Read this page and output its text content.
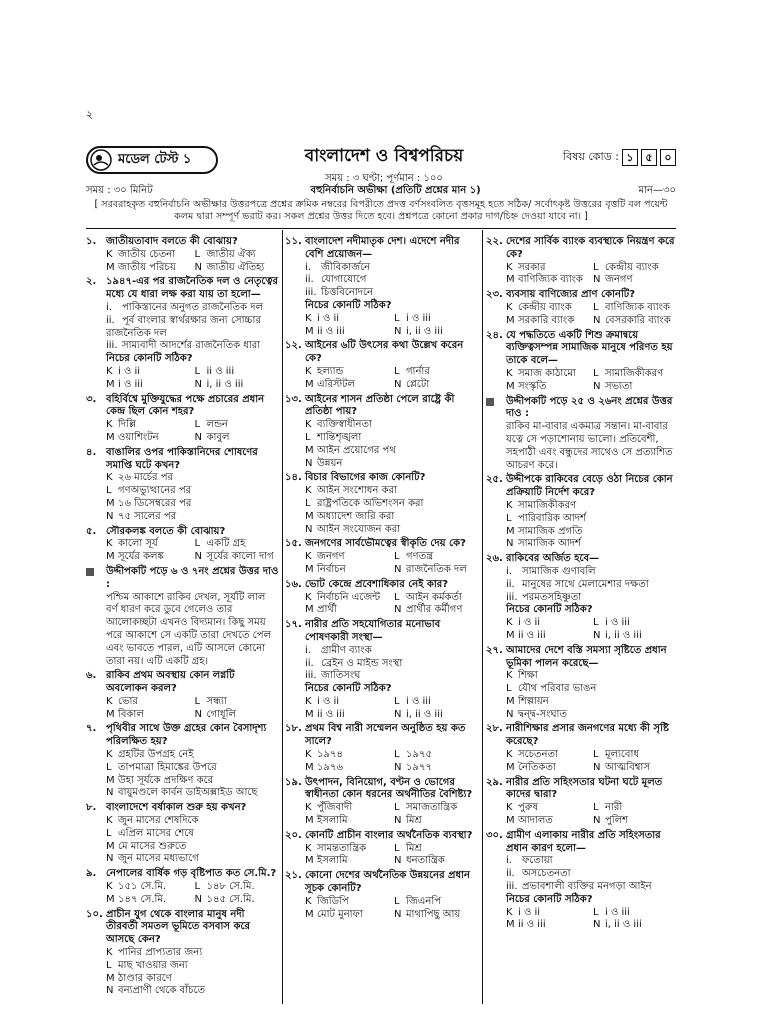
২
মডেল টেস্ট ১	বাংলাদেশ ও বিশ্বপরিচয়	বিষয় কোড : ১	৫	০
সময় : ৩ ঘণ্টা; পূর্ণমান : ১০০
সময় : ৩০ মিনিট	বহুনির্বাচনি অভীক্ষা (প্রতিটি প্রশ্নের মান ১)	মান—৩০
[ সরবরাহকৃত বহুনির্বাচনি অভীক্ষার উত্তরপত্রে প্রশ্নের ক্রমিক নম্বরের বিপরীতে প্রদত্ত বর্ণসংবলিত বৃত্তসমূহ হতে সঠিক/ সর্বোৎকৃষ্ট উত্তরের বৃত্তটি বল পয়েন্ট কলম দ্বারা সম্পূর্ণ ভরাট কর। সকল প্রশ্নের উত্তর দিতে হবে। প্রশ্নপত্রে কোনো প্রকার দাগ/চিহ্ন দেওয়া যাবে না। ]
১. জাতীয়তাবাদ বলতে কী বোঝায়?
K জাতীয় চেতনা	L জাতীয় ঐক্য
M জাতীয় পরিচয়	N জাতীয় ঐতিহ্য
২. ১৯৪৭-এর পর রাজনৈতিক দল ও নেতৃত্বের মধ্যে যে ধারা লক্ষ করা যায় তা হলো—
i. পাকিস্তানের অনুগত রাজনৈতিক দল
ii. পূর্ব বাংলার স্বার্থরক্ষার জন্য সোচ্চার রাজনৈতিক দল
iii. সাম্যবাদী আদর্শের রাজনৈতিক ধারা
নিচের কোনটি সঠিক?
K i ও ii	L ii ও iii
M i ও iii	N i, ii ও iii
৩. বহির্বিশ্বে মুক্তিযুদ্ধের পক্ষে প্রচারের প্রধান কেন্দ্র ছিল কোন শহর?
K দিল্লি	L লন্ডন
M ওয়াশিংটন	N কাবুল
৪. বাঙালির ওপর পাকিস্তানিদের শোষণের সমাপ্তি ঘটে কখন?
K ২৬ মার্চের পর
L গণঅভ্যুত্থানের পর
M ১৬ ডিসেম্বরের পর
N ৭৫ সালের পর
৫. সৌরকলঙ্ক বলতে কী বোঝায়?
K কালো সূর্য	L একটি গ্রহ
M সূর্যের কলঙ্ক	N সূর্যের কালো দাগ
উদ্দীপকটি পড়ে ৬ ও ৭নং প্রশ্নের উত্তর দাও :
পশ্চিম আকাশে রাকিব দেখল, সূর্যটি লাল বর্ণ ধারণ করে ডুবে গেলেও তার আলোকচ্ছটা এখনও বিদ্যমান। কিছু সময় পরে আকাশে সে একটি তারা দেখতে পেল এবং ভাবতে পারল, এটি আসলে কোনো তারা নয়। এটি একটি গ্রহ।
৬. রাকিব প্রথম অবস্থায় কোন লগ্নটি অবলোকন করল?
K ভোর	L সন্ধ্যা
M বিকাল	N গোধূলি
৭. পৃথিবীর সাথে উক্ত গ্রহের কোন বৈসাদৃশ্য পরিলক্ষিত হয়?
K গ্রহটির উপগ্রহ নেই
L তাপমাত্রা হিমাঙ্কের উপরে
M উহা সূর্যকে প্রদক্ষিণ করে
N বায়ুমণ্ডলে কার্বন ডাইঅক্সাইড আছে
৮. বাংলাদেশে বর্ষাকাল শুরু হয় কখন?
K জুন মাসের শেষদিকে
L এপ্রিল মাসের শেষে
M মে মাসের শুরুতে
N জুন মাসের মধ্যভাগে
৯. নেপালের বার্ষিক গড় বৃষ্টিপাত কত সে.মি.?
K ১৫১ সে.মি.	L ১৪৮ সে.মি.
M ১৪৭ সে.মি.	N ১৪৫ সে.মি.
১০. প্রাচীন যুগ থেকে বাংলার মানুষ নদী তীরবর্তী সমতল ভূমিতে বসবাস করে আসছে কেন?
K পানির প্রাপ্যতার জন্য
L মাছ খাওয়ার জন্য
M ঠাণ্ডার কারণে
N বন্যপ্রাণী থেকে বাঁচতে
১১. বাংলাদেশ নদীমাতৃক দেশ। এদেশে নদীর বেশি প্রয়োজন—
i. জীবিকার্জনে
ii. যোগাযোগে
iii. চিত্তবিনোদনে
নিচের কোনটি সঠিক?
K i ও ii	L i ও iii
M ii ও iii	N i, ii ও iii
১২. আইনের ৬টি উৎসের কথা উল্লেখ করেন কে?
K হল্যান্ড	L গার্নার
M এরিস্টটল	N প্লেটো
১৩. আইনের শাসন প্রতিষ্ঠা পেলে রাষ্ট্রে কী প্রতিষ্ঠা পায়?
K ব্যক্তিস্বাধীনতা
L শান্তিশৃঙ্খলা
M আইন প্রয়োগের পথ
N উন্নয়ন
১৪. বিচার বিভাগের কাজ কোনটি?
K আইন সংশোধন করা
L রাষ্ট্রপতিকে অভিশংসন করা
M অধ্যাদেশ জারি করা
N আইন সংযোজন করা
১৫. জনগণের সার্বভৌমত্বের স্বীকৃতি দেয় কে?
K জনগণ	L গণতন্ত্র
M নির্বাচন	N রাজনৈতিক দল
১৬. ভোট কেন্দ্রে প্রবেশাধিকার নেই কার?
K নির্বাচনি এজেন্ট	L আইন কর্মকর্তা
M প্রার্থী	N প্রার্থীর কর্মীগণ
১৭. নারীর প্রতি সহযোগিতার মনোভাব পোষণকারী সংস্থা—
i. গ্রামীণ ব্যাংক
ii. ব্রেইন ও মাইন্ড সংস্থা
iii. জাতিসংঘ
নিচের কোনটি সঠিক?
K i ও ii	L i ও iii
M ii ও iii	N i, ii ও iii
১৮. প্রথম বিশ্ব নারী সম্মেলন অনুষ্ঠিত হয় কত সালে?
K ১৯৭৪	L ১৯৭৫
M ১৯৭৬	N ১৯৭৭
১৯. উৎপাদন, বিনিয়োগ, বণ্টন ও ভোগের স্বাধীনতা কোন ধরনের অর্থনীতির বৈশিষ্ট্য?
K পুঁজিবাদী	L সমাজতান্ত্রিক
M ইসলামি	N মিশ্র
২০. কোনটি প্রাচীন বাংলার অর্থনৈতিক ব্যবস্থা?
K সামন্ততান্ত্রিক	L মিশ্র
M ইসলামি	N ধনতান্ত্রিক
২১. কোনো দেশের অর্থনৈতিক উন্নয়নের প্রধান সূচক কোনটি?
K জিডিপি	L জিএনপি
M মোট মুনাফা	N মাথাপিছু আয়
২২. দেশের সার্বিক ব্যাংক ব্যবস্থাকে নিয়ন্ত্রণ করে কে?
K সরকার	L কেন্দ্রীয় ব্যাংক
M বাণিজ্যিক ব্যাংক	N জনগণ
২৩. ব্যবসায় বাণিজ্যের প্রাণ কোনটি?
K কেন্দ্রীয় ব্যাংক	L বাণিজ্যিক ব্যাংক
M সরকারি ব্যাংক	N বেসরকারি ব্যাংক
২৪. যে পদ্ধতিতে একটি শিশু ক্রমান্বয়ে ব্যক্তিত্বসম্পন্ন সামাজিক মানুষে পরিণত হয় তাকে বলে—
K সমাজ কাঠামো	L সামাজিকীকরণ
M সংস্কৃতি	N সভ্যতা
উদ্দীপকটি পড়ে ২৫ ও ২৬নং প্রশ্নের উত্তর দাও :
রাকিব মা-বাবার একমাত্র সন্তান। মা-বাবার যত্নে সে পড়াশোনায় ভালো। প্রতিবেশী, সহপাঠী এবং বন্ধুদের সাথেও সে প্রত্যাশিত আচরণ করে।
২৫. উদ্দীপকে রাকিবের বেড়ে ওঠা নিচের কোন প্রক্রিয়াটি নির্দেশ করে?
K সামাজিকীকরণ
L পারিবারিক আদর্শ
M সামাজিক প্রগতি
N সামাজিক আদর্শ
২৬. রাকিবের অর্জিত হবে—
i. সামাজিক গুণাবলি
ii. মানুষের সাথে মেলামেশার দক্ষতা
iii. পরমতসহিষ্ণুতা
নিচের কোনটি সঠিক?
K i ও ii	L i ও iii
M ii ও iii	N i, ii ও iii
২৭. আমাদের দেশে বস্তি সমস্যা সৃষ্টিতে প্রধান ভূমিকা পালন করেছে—
K শিক্ষা
L যৌথ পরিবার ভাঙন
M শিল্পায়ন
N দ্বন্দ্ব-সংঘাত
২৮. নারীশিক্ষার প্রসার জনগণের মধ্যে কী সৃষ্টি করেছে?
K সচেতনতা	L মূল্যবোধ
M নৈতিকতা	N আত্মবিশ্বাস
২৯. নারীর প্রতি সহিংসতার ঘটনা ঘটে মূলত কাদের দ্বারা?
K পুরুষ	L নারী
M আদালত	N পুলিশ
৩০. গ্রামীণ এলাকায় নারীর প্রতি সহিংসতার প্রধান কারণ হলো—
i. ফতোয়া
ii. অসচেতনতা
iii. প্রভাবশালী ব্যক্তির মনগড়া আইন
নিচের কোনটি সঠিক?
K i ও ii	L i ও iii
M ii ও iii	N i, ii ও iii
